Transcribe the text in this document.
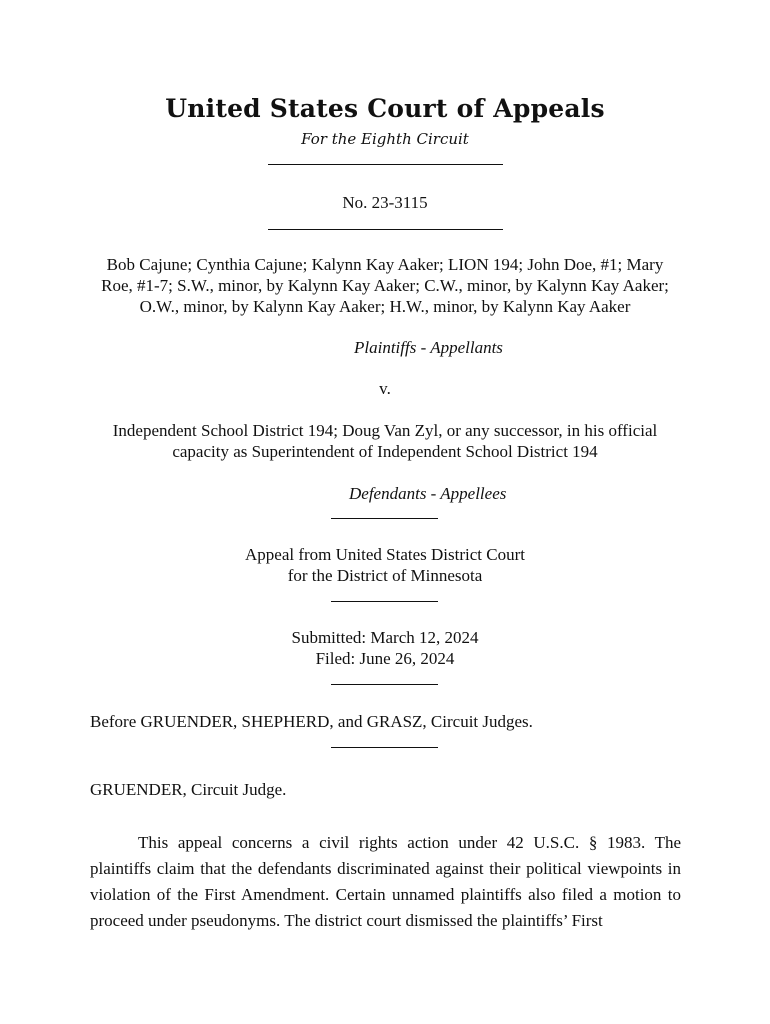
United States Court of Appeals
For the Eighth Circuit
No. 23-3115
Bob Cajune; Cynthia Cajune; Kalynn Kay Aaker; LION 194; John Doe, #1; Mary Roe, #1-7; S.W., minor, by Kalynn Kay Aaker; C.W., minor, by Kalynn Kay Aaker; O.W., minor, by Kalynn Kay Aaker; H.W., minor, by Kalynn Kay Aaker
Plaintiffs - Appellants
v.
Independent School District 194; Doug Van Zyl, or any successor, in his official capacity as Superintendent of Independent School District 194
Defendants - Appellees
Appeal from United States District Court
for the District of Minnesota
Submitted: March 12, 2024
Filed: June 26, 2024
Before GRUENDER, SHEPHERD, and GRASZ, Circuit Judges.
GRUENDER, Circuit Judge.

This appeal concerns a civil rights action under 42 U.S.C. § 1983. The plaintiffs claim that the defendants discriminated against their political viewpoints in violation of the First Amendment. Certain unnamed plaintiffs also filed a motion to proceed under pseudonyms. The district court dismissed the plaintiffs’ First
